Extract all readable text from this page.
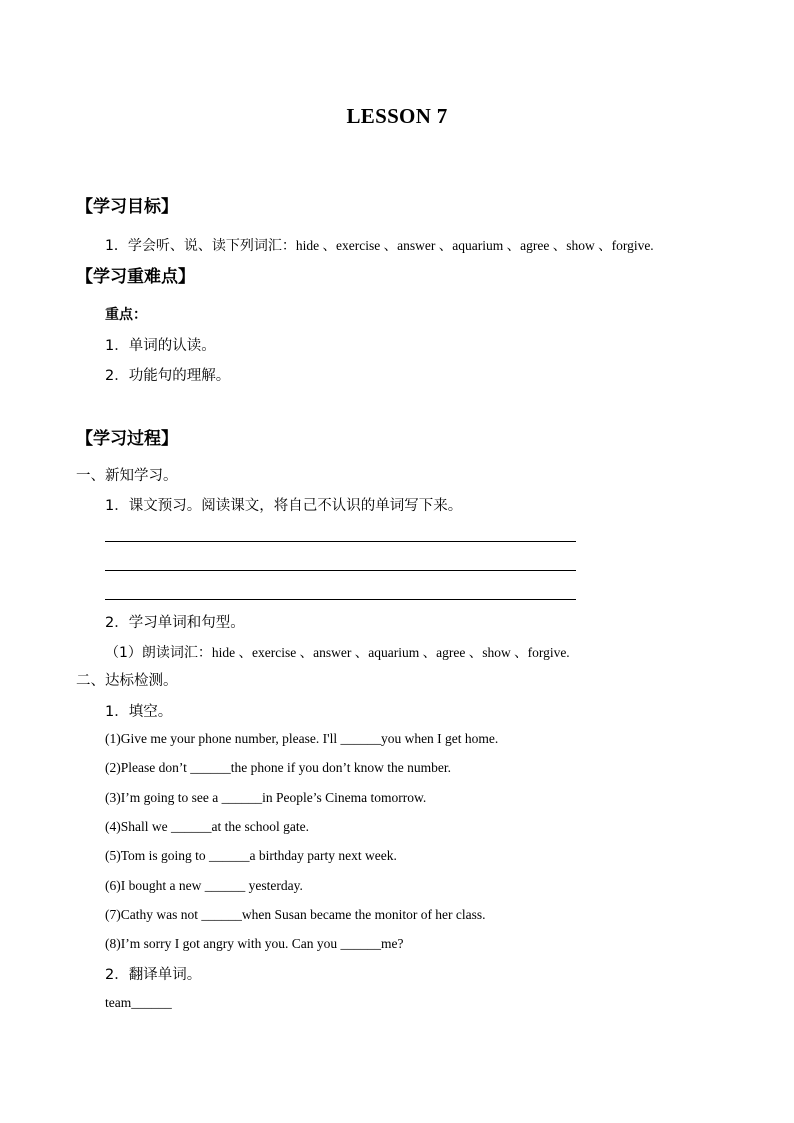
LESSON 7
【学习目标】
1．学会听、说、读下列词汇：hide 、exercise 、answer 、aquarium 、agree 、show 、forgive.
【学习重难点】
重点：
1．单词的认读。
2．功能句的理解。
【学习过程】
一、新知学习。
1．课文预习。阅读课文，将自己不认识的单词写下来。
2．学习单词和句型。
（1）朗读词汇：hide 、exercise 、answer 、aquarium 、agree 、show 、forgive.
二、达标检测。
1．填空。
(1)Give me your phone number, please. I'll ______you when I get home.
(2)Please don’t ______the phone if you don’t know the number.
(3)I’m going to see a ______in People’s Cinema tomorrow.
(4)Shall we ______at the school gate.
(5)Tom is going to ______a birthday party next week.
(6)I bought a new ______ yesterday.
(7)Cathy was not ______when Susan became the monitor of her class.
(8)I’m sorry I got angry with you. Can you ______me?
2．翻译单词。
team______
